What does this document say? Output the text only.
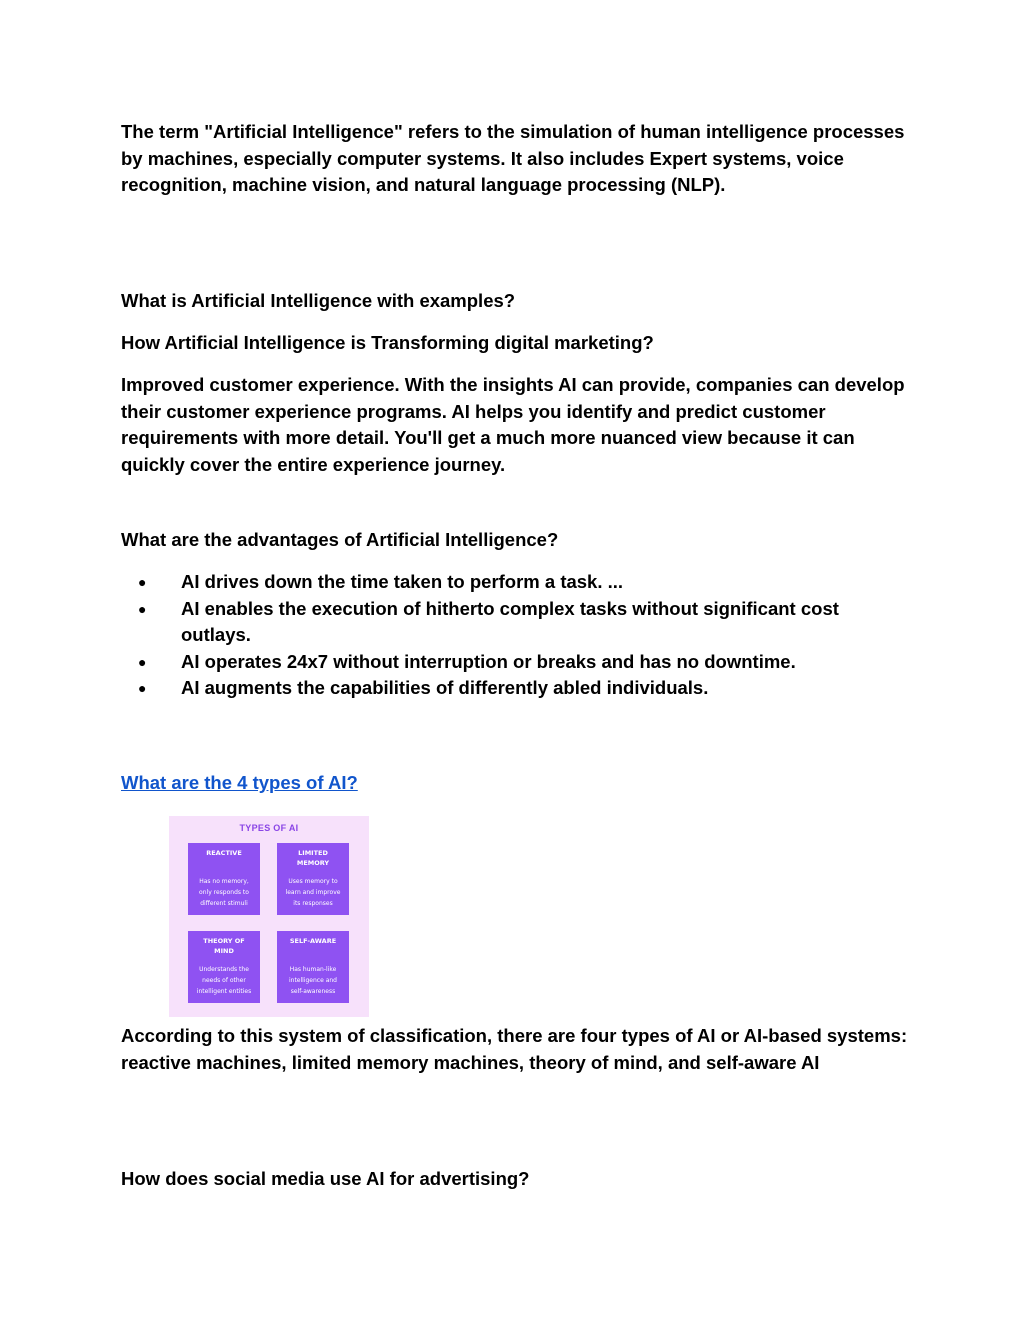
The term "Artificial Intelligence" refers to the simulation of human intelligence processes by machines, especially computer systems. It also includes Expert systems, voice recognition, machine vision, and natural language processing (NLP).

What is Artificial Intelligence with examples?

How Artificial Intelligence is Transforming digital marketing?

Improved customer experience. With the insights AI can provide, companies can develop their customer experience programs. AI helps you identify and predict customer requirements with more detail. You'll get a much more nuanced view because it can quickly cover the entire experience journey.

What are the advantages of Artificial Intelligence?

● AI drives down the time taken to perform a task. ...
● AI enables the execution of hitherto complex tasks without significant cost outlays.
● AI operates 24x7 without interruption or breaks and has no downtime.
● AI augments the capabilities of differently abled individuals.
What are the 4 types of AI?
TYPES OF AI
REACTIVE
Has no memory,
only responds to
different stimuli
LIMITED
MEMORY
Uses memory to
learn and improve
its responses
THEORY OF
MIND
Understands the
needs of other
intelligent entities
SELF-AWARE
Has human-like
intelligence and
self-awareness

According to this system of classification, there are four types of AI or AI-based systems: reactive machines, limited memory machines, theory of mind, and self-aware AI

How does social media use AI for advertising?
